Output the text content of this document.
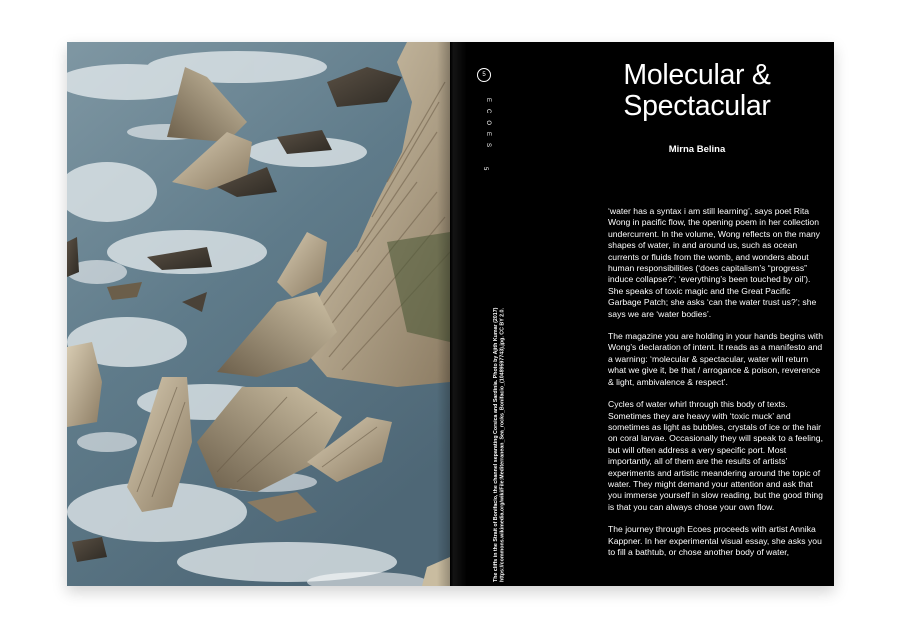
5
ECOES
5
The cliffs in the Strait of Bonifacio, the channel separating Corsica and Sardinia. Photo by Ajith Kumar (2017) https://commons.wikimedia.org/wiki/File:Mediterranean_Sea_rocks_Bonifacio_(10489597743).jpg. CC BY 2.0.
Molecular & Spectacular
Mirna Belina

‘water has a syntax i am still learning’, says poet Rita Wong in pacific flow, the opening poem in her collection undercurrent. In the volume, Wong reflects on the many shapes of water, in and around us, such as ocean currents or fluids from the womb, and wonders about human responsibilities (‘does capitalism’s “progress” induce collapse?’; ‘everything’s been touched by oil’). She speaks of toxic magic and the Great Pacific Garbage Patch; she asks ‘can the water trust us?’; she says we are ‘water bodies’.

The magazine you are holding in your hands begins with Wong’s declaration of intent. It reads as a manifesto and a warning: ‘molecular & spectacular, water will return what we give it, be that / arrogance & poison, reverence & light, ambivalence & respect’.

Cycles of water whirl through this body of texts. Sometimes they are heavy with ‘toxic muck’ and sometimes as light as bubbles, crystals of ice or the hair on coral larvae. Occasionally they will speak to a feeling, but will often address a very specific port. Most importantly, all of them are the results of artists’ experiments and artistic meandering around the topic of water. They might demand your attention and ask that you immerse yourself in slow reading, but the good thing is that you can always chose your own flow.

The journey through Ecoes proceeds with artist Annika Kappner. In her experimental visual essay, she asks you to fill a bathtub, or chose another body of water,
